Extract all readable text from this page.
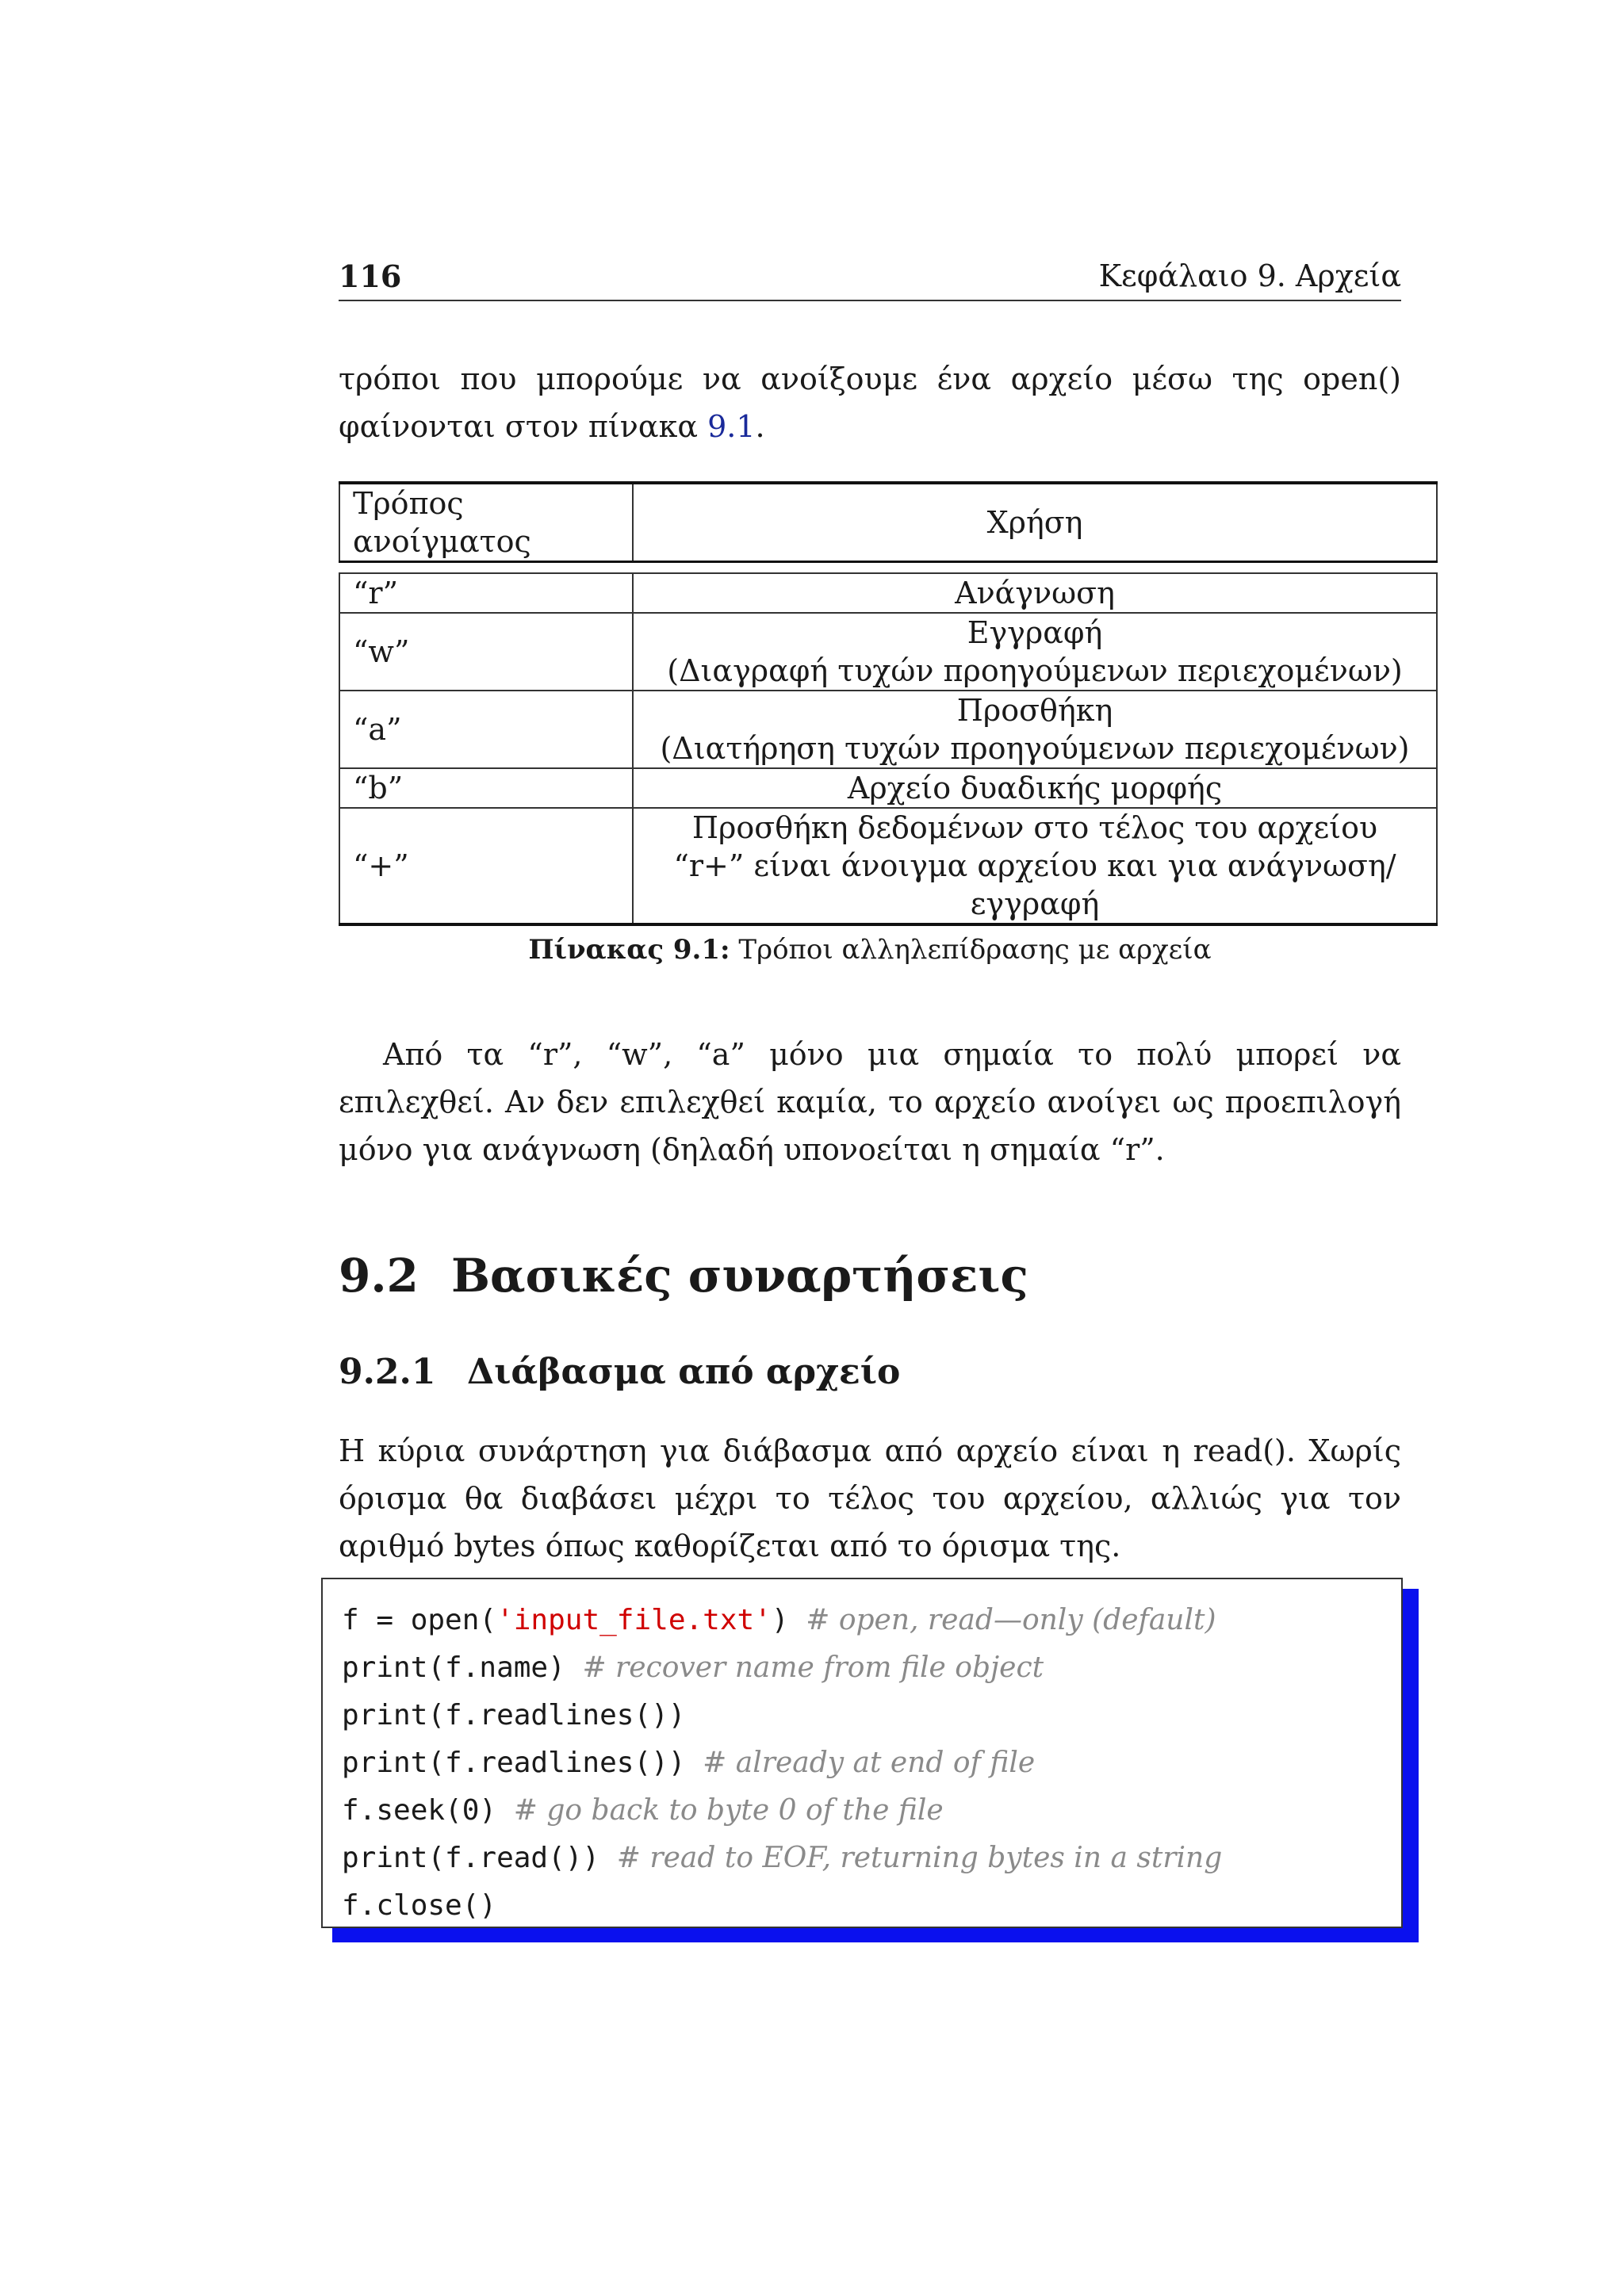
116	Κεφάλαιο 9. Αρχεία

τρόποι που μπορούμε να ανοίξουμε ένα αρχείο μέσω της open() φαίνονται στον πίνακα 9.1.

Τρόπος ανοίγματος	Χρήση

“r”	Ανάγνωση

“w”	Εγγραφή
(Διαγραφή τυχών προηγούμενων περιεχομένων)

“a”	Προσθήκη
(Διατήρηση τυχών προηγούμενων περιεχομένων)

“b”	Αρχείο δυαδικής μορφής

“+”	Προσθήκη δεδομένων στο τέλος του αρχείου
“r+” είναι άνοιγμα αρχείου και για ανάγνωση/εγγραφή
Πίνακας 9.1: Τρόποι αλληλεπίδρασης με αρχεία

Από τα “r”, “w”, “a” μόνο μια σημαία το πολύ μπορεί να επιλεχθεί. Αν δεν επιλεχθεί καμία, το αρχείο ανοίγει ως προεπιλογή μόνο για ανάγνωση (δηλαδή υπονοείται η σημαία “r”.

9.2 Βασικές συναρτήσεις
9.2.1 Διάβασμα από αρχείο

Η κύρια συνάρτηση για διάβασμα από αρχείο είναι η read(). Χωρίς όρισμα θα διαβάσει μέχρι το τέλος του αρχείου, αλλιώς για τον αριθμό bytes όπως καθορίζεται από το όρισμα της.

f = open('input_file.txt') # open, read—only (default)
print(f.name) # recover name from file object
print(f.readlines())
print(f.readlines()) # already at end of file
f.seek(0) # go back to byte 0 of the file
print(f.read()) # read to EOF, returning bytes in a string
f.close()
